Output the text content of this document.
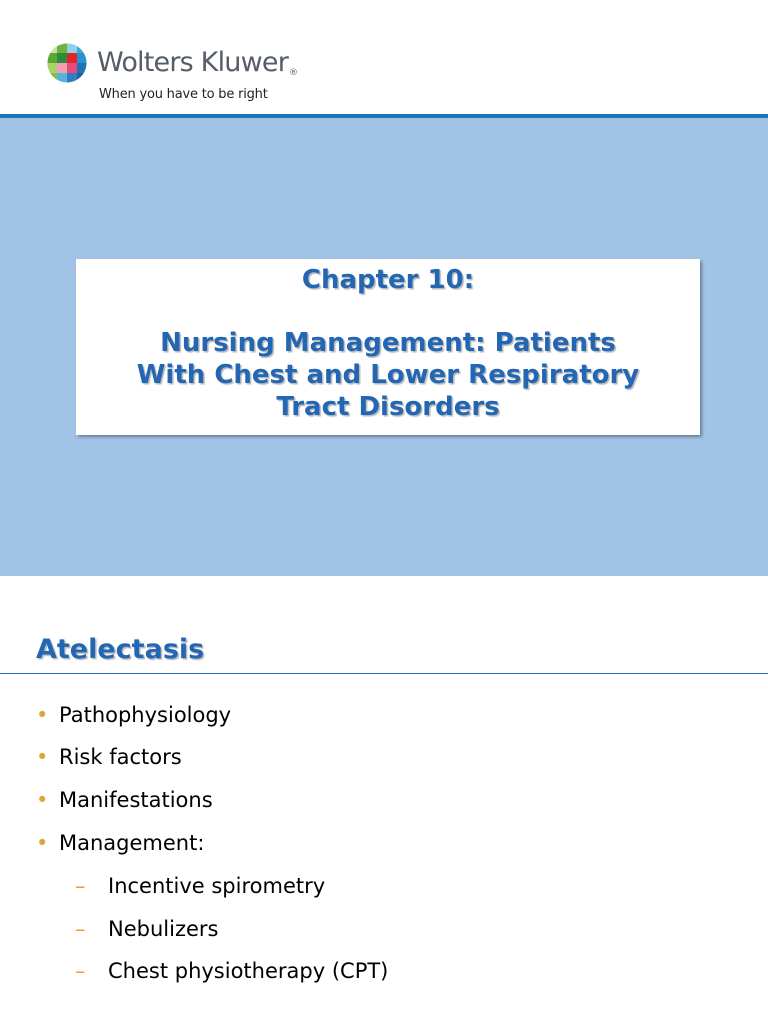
Wolters Kluwer®
When you have to be right
Chapter 10:
Nursing Management: Patients
With Chest and Lower Respiratory
Tract Disorders
Atelectasis
• Pathophysiology
• Risk factors
• Manifestations
• Management:
– Incentive spirometry
– Nebulizers
– Chest physiotherapy (CPT)
